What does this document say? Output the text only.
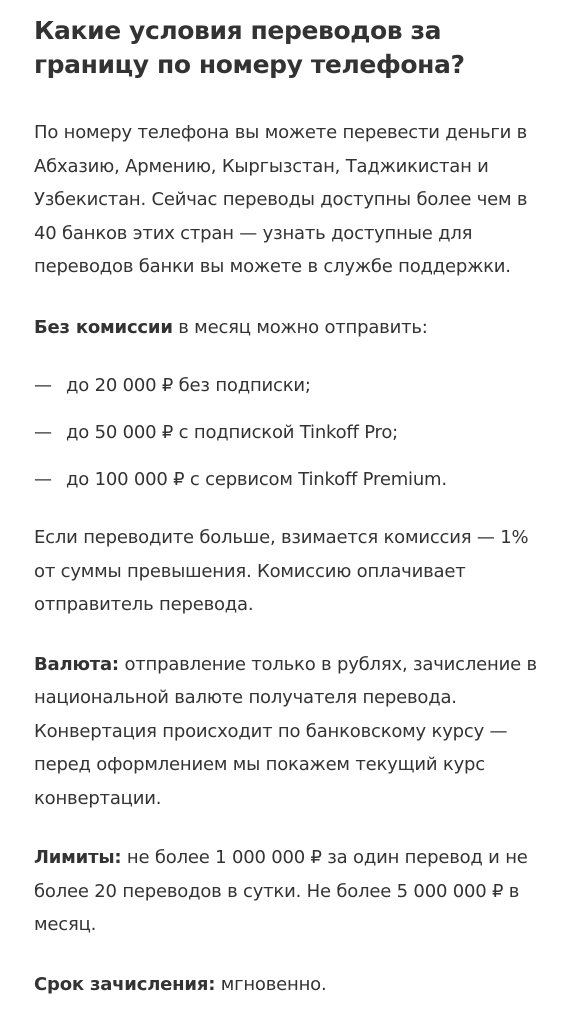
Какие условия переводов за границу по номеру телефона?

По номеру телефона вы можете перевести деньги в Абхазию, Армению, Кыргызстан, Таджикистан и Узбекистан. Сейчас переводы доступны более чем в 40 банков этих стран — узнать доступные для переводов банки вы можете в службе поддержки.

Без комиссии в месяц можно отправить:

— до 20 000 ₽ без подписки;
— до 50 000 ₽ с подпиской Tinkoff Pro;
— до 100 000 ₽ с сервисом Tinkoff Premium.

Если переводите больше, взимается комиссия — 1% от суммы превышения. Комиссию оплачивает отправитель перевода.

Валюта: отправление только в рублях, зачисление в национальной валюте получателя перевода. Конвертация происходит по банковскому курсу — перед оформлением мы покажем текущий курс конвертации.

Лимиты: не более 1 000 000 ₽ за один перевод и не более 20 переводов в сутки. Не более 5 000 000 ₽ в месяц.

Срок зачисления: мгновенно.
